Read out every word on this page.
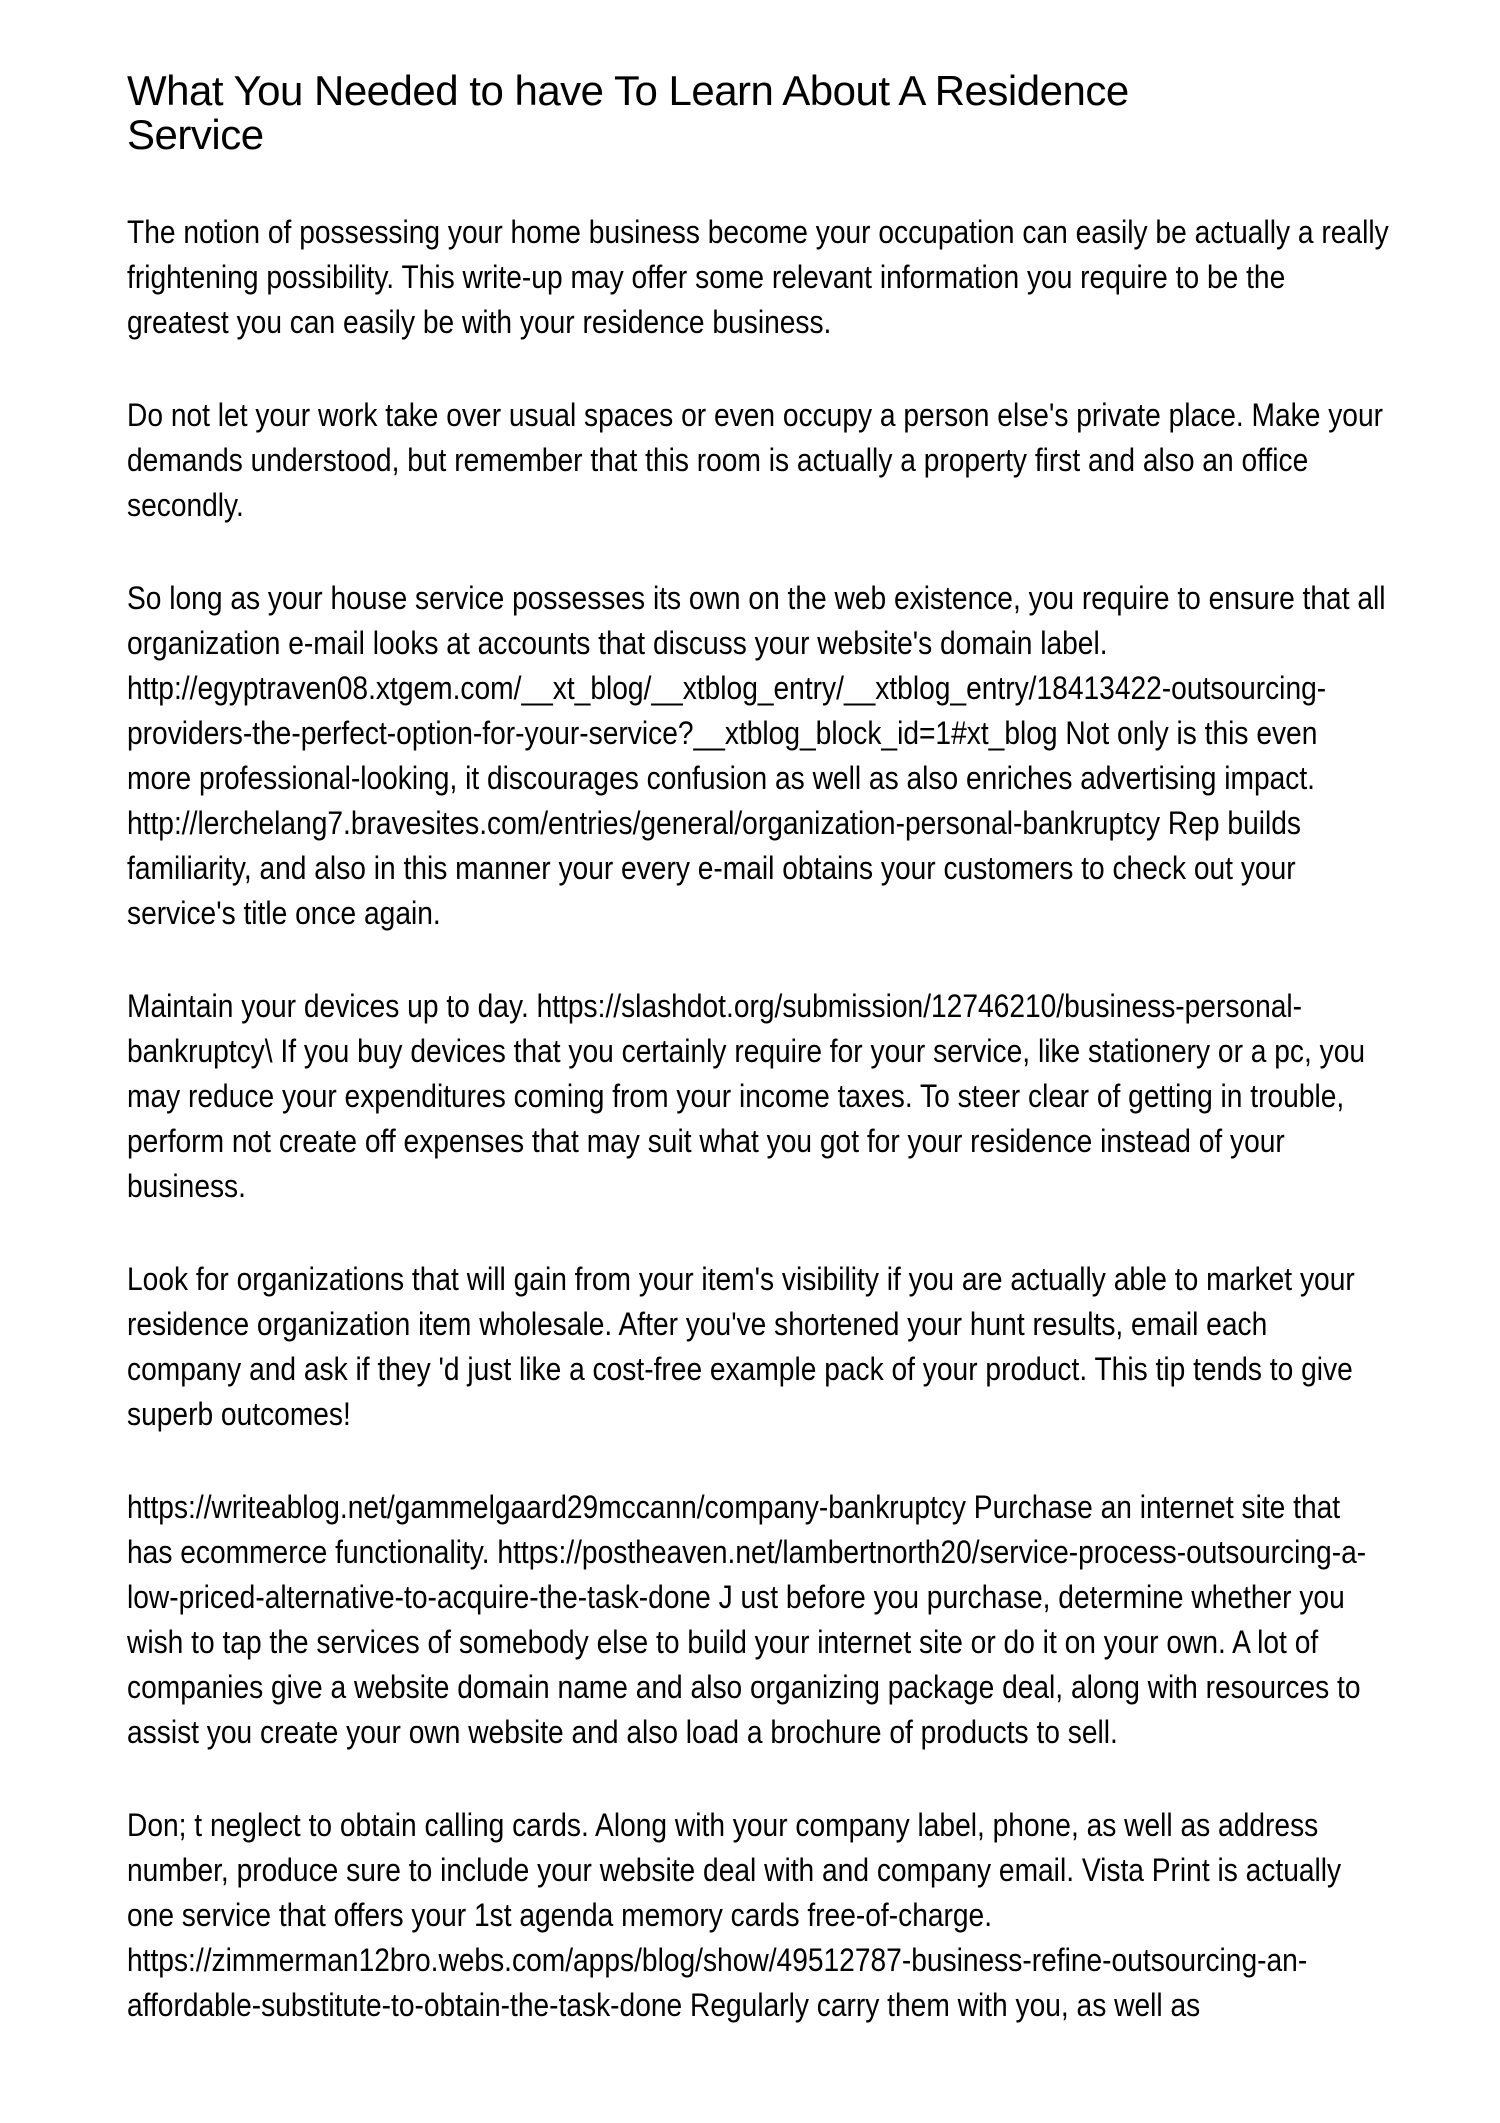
What You Needed to have To Learn About A Residence
Service

The notion of possessing your home business become your occupation can easily be actually a really frightening possibility. This write-up may offer some relevant information you require to be the greatest you can easily be with your residence business.

Do not let your work take over usual spaces or even occupy a person else's private place. Make your demands understood, but remember that this room is actually a property first and also an office secondly.

So long as your house service possesses its own on the web existence, you require to ensure that all organization e-mail looks at accounts that discuss your website's domain label. http://egyptraven08.xtgem.com/__xt_blog/__xtblog_entry/__xtblog_entry/18413422-outsourcing-providers-the-perfect-option-for-your-service?__xtblog_block_id=1#xt_blog Not only is this even more professional-looking, it discourages confusion as well as also enriches advertising impact. http://lerchelang7.bravesites.com/entries/general/organization-personal-bankruptcy Rep builds familiarity, and also in this manner your every e-mail obtains your customers to check out your service's title once again.

Maintain your devices up to day. https://slashdot.org/submission/12746210/business-personal-bankruptcy\ If you buy devices that you certainly require for your service, like stationery or a pc, you may reduce your expenditures coming from your income taxes. To steer clear of getting in trouble, perform not create off expenses that may suit what you got for your residence instead of your business.

Look for organizations that will gain from your item's visibility if you are actually able to market your residence organization item wholesale. After you've shortened your hunt results, email each company and ask if they 'd just like a cost-free example pack of your product. This tip tends to give superb outcomes!

https://writeablog.net/gammelgaard29mccann/company-bankruptcy Purchase an internet site that has ecommerce functionality. https://postheaven.net/lambertnorth20/service-process-outsourcing-a-low-priced-alternative-to-acquire-the-task-done J ust before you purchase, determine whether you wish to tap the services of somebody else to build your internet site or do it on your own. A lot of companies give a website domain name and also organizing package deal, along with resources to assist you create your own website and also load a brochure of products to sell.

Don; t neglect to obtain calling cards. Along with your company label, phone, as well as address number, produce sure to include your website deal with and company email. Vista Print is actually one service that offers your 1st agenda memory cards free-of-charge. https://zimmerman12bro.webs.com/apps/blog/show/49512787-business-refine-outsourcing-an-affordable-substitute-to-obtain-the-task-done Regularly carry them with you, as well as
